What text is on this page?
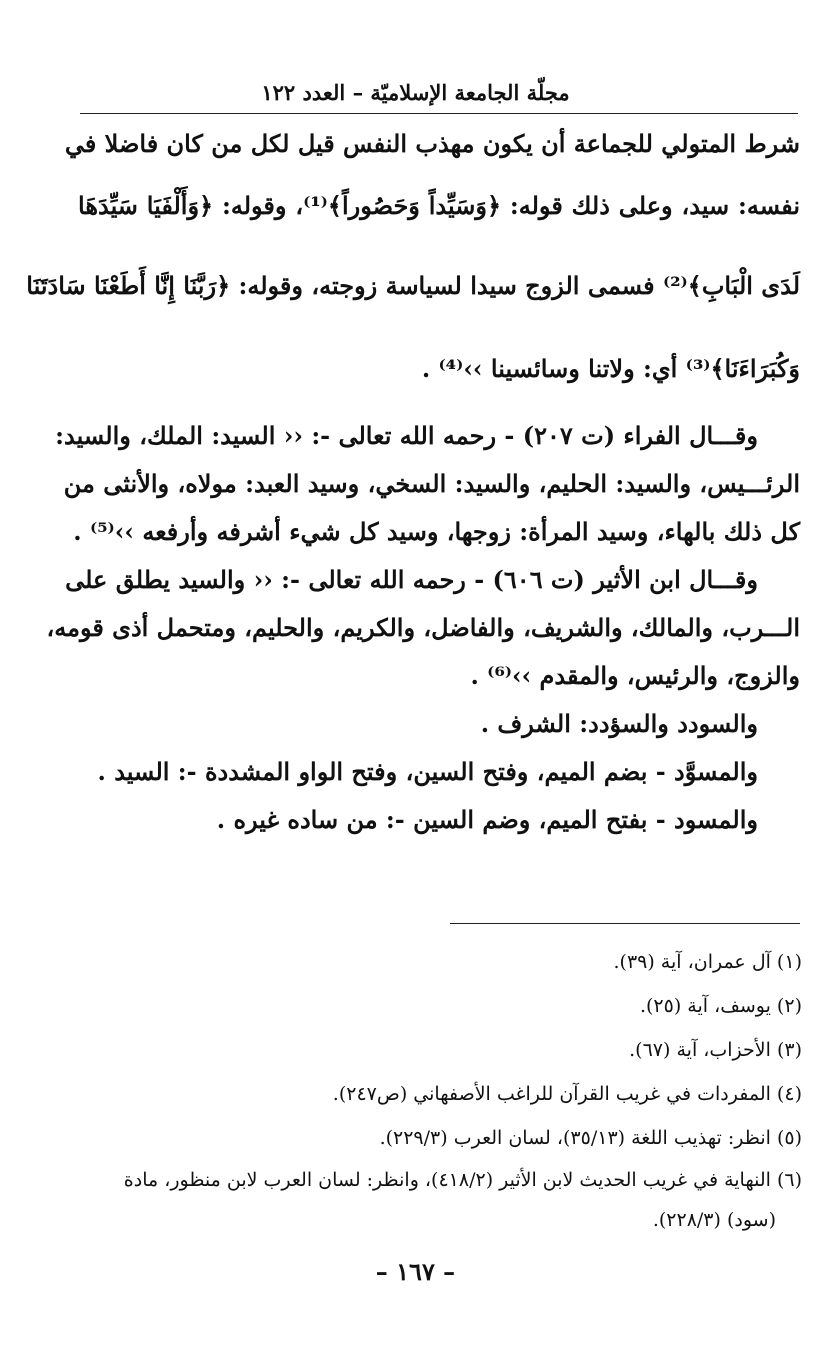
مجلّة الجامعة الإسلاميّة – العدد ١٢٢
شرط المتولي للجماعة أن يكون مهذب النفس قيل لكل من كان فاضلا في
نفسه: سيد، وعلى ذلك قوله: ﴿وَسَيِّداً وَحَصُوراً﴾⁽¹⁾، وقوله: ﴿وَأَلْفَيَا سَيِّدَهَا
لَدَى الْبَابِ﴾⁽²⁾ فسمى الزوج سيدا لسياسة زوجته، وقوله: ﴿رَبَّنَا إِنَّا أَطَعْنَا سَادَتَنَا
وَكُبَرَاءَنَا﴾⁽³⁾ أي: ولاتنا وسائسينا ››⁽⁴⁾ .
وقـــال الفراء (ت ٢٠٧) - رحمه الله تعالى -: ‹‹ السيد: الملك، والسيد:
الرئـــيس، والسيد: الحليم، والسيد: السخي، وسيد العبد: مولاه، والأنثى من
كل ذلك بالهاء، وسيد المرأة: زوجها، وسيد كل شيء أشرفه وأرفعه ››⁽⁵⁾ .
وقـــال ابن الأثير (ت ٦٠٦) - رحمه الله تعالى -: ‹‹ والسيد يطلق على
الـــرب، والمالك، والشريف، والفاضل، والكريم، والحليم، ومتحمل أذى قومه،
والزوج، والرئيس، والمقدم ››⁽⁶⁾ .
والسودد والسؤدد: الشرف .
والمسوَّد - بضم الميم، وفتح السين، وفتح الواو المشددة -: السيد .
والمسود - بفتح الميم، وضم السين -: من ساده غيره .
(١) آل عمران، آية (٣٩).
(٢) يوسف، آية (٢٥).
(٣) الأحزاب، آية (٦٧).
(٤) المفردات في غريب القرآن للراغب الأصفهاني (ص٢٤٧).
(٥) انظر: تهذيب اللغة (٣٥/١٣)، لسان العرب (٢٢٩/٣).
(٦) النهاية في غريب الحديث لابن الأثير (٤١٨/٢)، وانظر: لسان العرب لابن منظور، مادة
(سود) (٢٢٨/٣).
– ١٦٧ –
